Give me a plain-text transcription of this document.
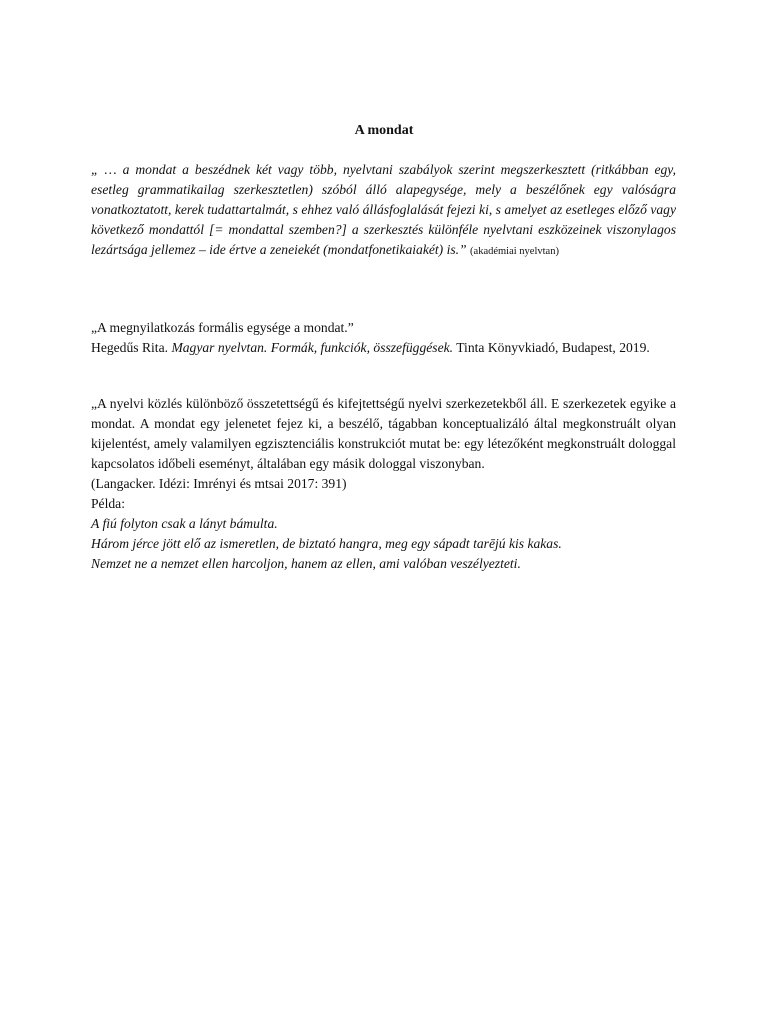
A mondat
„ … a mondat a beszédnek két vagy több, nyelvtani szabályok szerint megszerkesztett (ritkábban egy, esetleg grammatikailag szerkesztetlen) szóból álló alapegysége, mely a beszélőnek egy valóságra vonatkoztatott, kerek tudattartalmát, s ehhez való állásfoglalását fejezi ki, s amelyet az esetleges előző vagy következő mondattól [= mondattal szemben?] a szerkesztés különféle nyelvtani eszközeinek viszonylagos lezártsága jellemez – ide értve a zeneiekét (mondatfonetikaiakét) is.” (akadémiai nyelvtan)

„A megnyilatkozás formális egysége a mondat.”

Hegedűs Rita. Magyar nyelvtan. Formák, funkciók, összefüggések. Tinta Könyvkiadó, Budapest, 2019.

„A nyelvi közlés különböző összetettségű és kifejtettségű nyelvi szerkezetekből áll. E szerkezetek egyike a mondat. A mondat egy jelenetet fejez ki, a beszélő, tágabban konceptualizáló által megkonstruált olyan kijelentést, amely valamilyen egzisztenciális konstrukciót mutat be: egy létezőként megkonstruált dologgal kapcsolatos időbeli eseményt, általában egy másik dologgal viszonyban.

(Langacker. Idézi: Imrényi és mtsai 2017: 391)

Példa:

A fiú folyton csak a lányt bámulta.

Három jérce jött elő az ismeretlen, de biztató hangra, meg egy sápadt tarējú kis kakas.

Nemzet ne a nemzet ellen harcoljon, hanem az ellen, ami valóban veszélyezteti.
